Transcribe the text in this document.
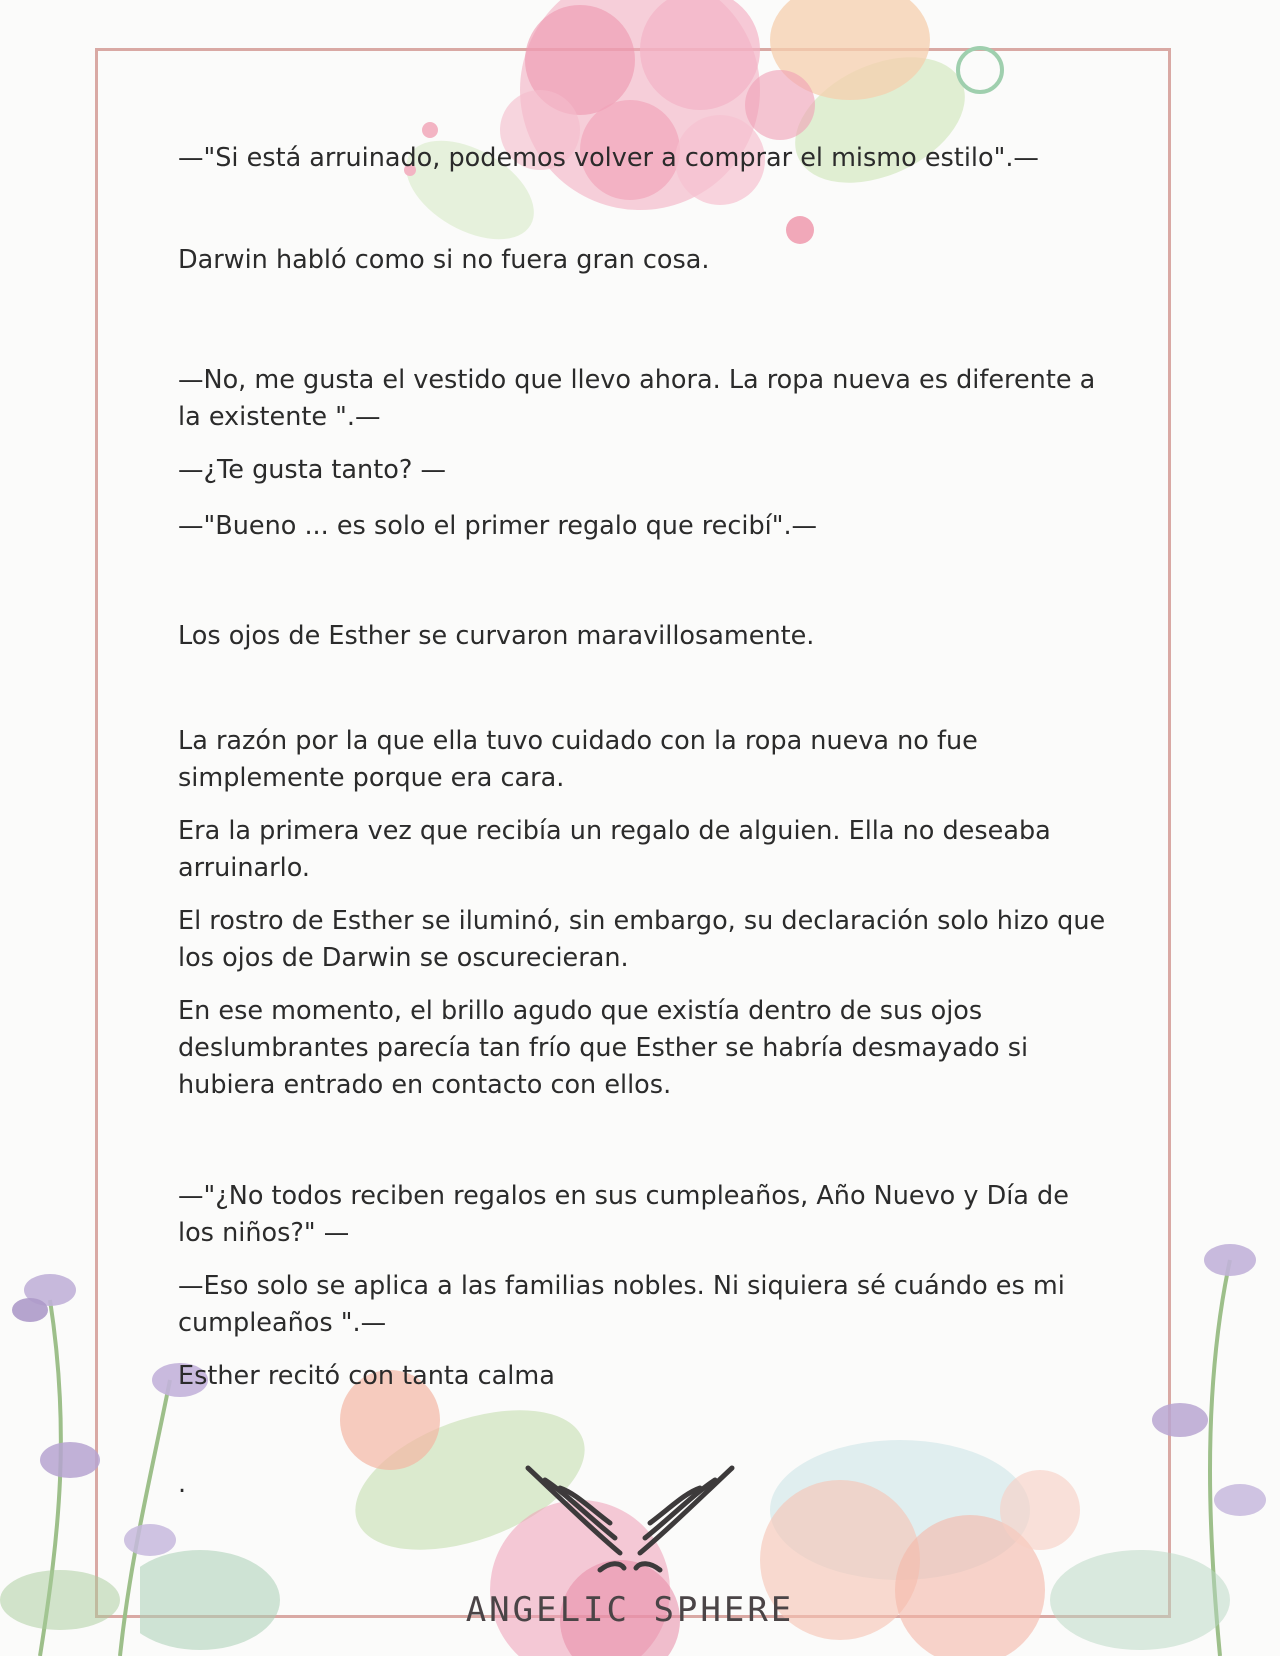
—"Si está arruinado, podemos volver a comprar el mismo estilo".—

Darwin habló como si no fuera gran cosa.

—No, me gusta el vestido que llevo ahora. La ropa nueva es diferente a la existente ".—

—¿Te gusta tanto? —

—"Bueno ... es solo el primer regalo que recibí".—

Los ojos de Esther se curvaron maravillosamente.

La razón por la que ella tuvo cuidado con la ropa nueva no fue simplemente porque era cara.

Era la primera vez que recibía un regalo de alguien. Ella no deseaba arruinarlo.

El rostro de Esther se iluminó, sin embargo, su declaración solo hizo que los ojos de Darwin se oscurecieran.

En ese momento, el brillo agudo que existía dentro de sus ojos deslumbrantes parecía tan frío que Esther se habría desmayado si hubiera entrado en contacto con ellos.

—"¿No todos reciben regalos en sus cumpleaños, Año Nuevo y Día de los niños?" —

—Eso solo se aplica a las familias nobles. Ni siquiera sé cuándo es mi cumpleaños ".—

Esther recitó con tanta calma

.

ANGELIC SPHERE
